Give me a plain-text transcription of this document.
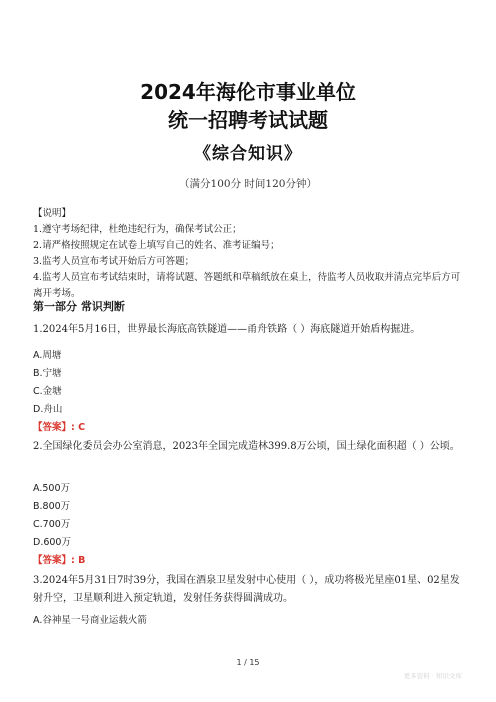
2024年海伦市事业单位
统一招聘考试试题
《综合知识》
（满分100分 时间120分钟）
【说明】
1.遵守考场纪律，杜绝违纪行为，确保考试公正；
2.请严格按照规定在试卷上填写自己的姓名、准考证编号；
3.监考人员宣布考试开始后方可答题；
4.监考人员宣布考试结束时，请将试题、答题纸和草稿纸放在桌上，待监考人员收取并清点完毕后方可离开考场。
第一部分 常识判断
1.2024年5月16日，世界最长海底高铁隧道——甬舟铁路（ ）海底隧道开始盾构掘进。
A.周塘
B.宁塘
C.金塘
D.舟山
【答案】: C
2.全国绿化委员会办公室消息，2023年全国完成造林399.8万公顷，国土绿化面积超（ ）公顷。
A.500万
B.800万
C.700万
D.600万
【答案】: B
3.2024年5月31日7时39分，我国在酒泉卫星发射中心使用（ ），成功将极光星座01星、02星发射升空，卫星顺利进入预定轨道，发射任务获得圆满成功。
A.谷神星一号商业运载火箭
1 / 15
更多资料 · 知识文库
